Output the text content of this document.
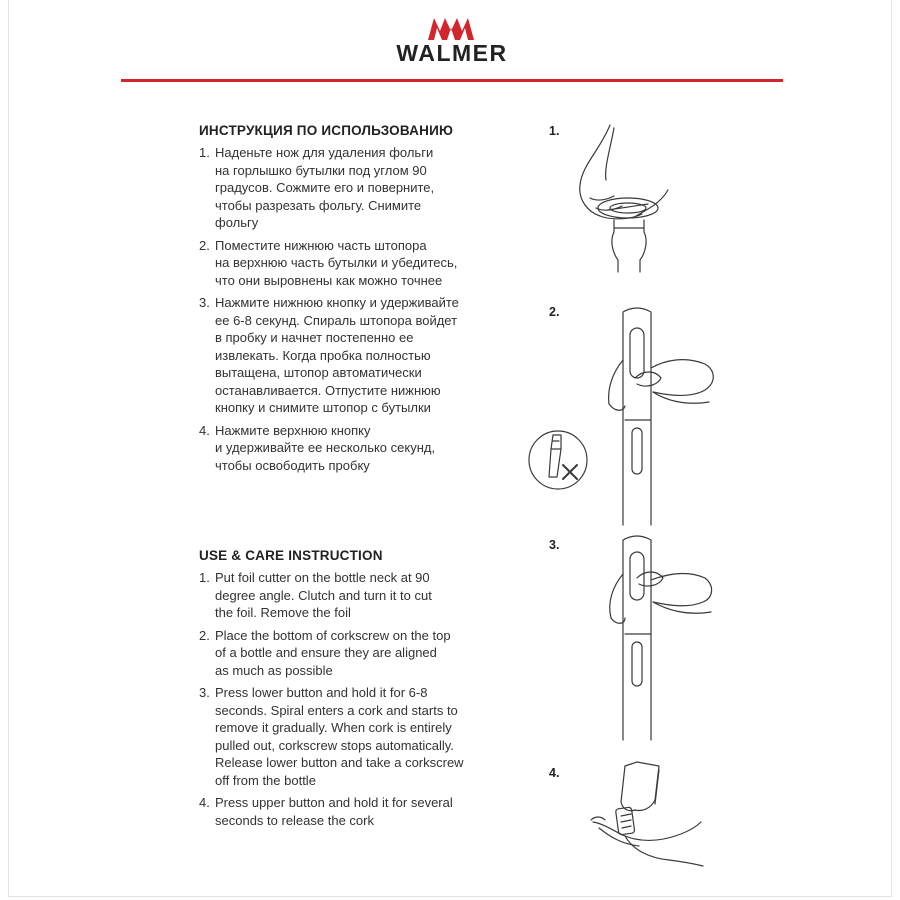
WALMER
ИНСТРУКЦИЯ ПО ИСПОЛЬЗОВАНИЮ
1. Наденьте нож для удаления фольги
на горлышко бутылки под углом 90
градусов. Сожмите его и поверните,
чтобы разрезать фольгу. Снимите
фольгу
2. Поместите нижнюю часть штопора
на верхнюю часть бутылки и убедитесь,
что они выровнены как можно точнее
3. Нажмите нижнюю кнопку и удерживайте
ее 6-8 секунд. Спираль штопора войдет
в пробку и начнет постепенно ее
извлекать. Когда пробка полностью
вытащена, штопор автоматически
останавливается. Отпустите нижнюю
кнопку и снимите штопор с бутылки
4. Нажмите верхнюю кнопку
и удерживайте ее несколько секунд,
чтобы освободить пробку
USE & CARE INSTRUCTION
1. Put foil cutter on the bottle neck at 90
degree angle. Clutch and turn it to cut
the foil. Remove the foil
2. Place the bottom of corkscrew on the top
of a bottle and ensure they are aligned
as much as possible
3. Press lower button and hold it for 6-8
seconds. Spiral enters a cork and starts to
remove it gradually. When cork is entirely
pulled out, corkscrew stops automatically.
Release lower button and take a corkscrew
off from the bottle
4. Press upper button and hold it for several
seconds to release the cork
1.
2.
3.
4.
